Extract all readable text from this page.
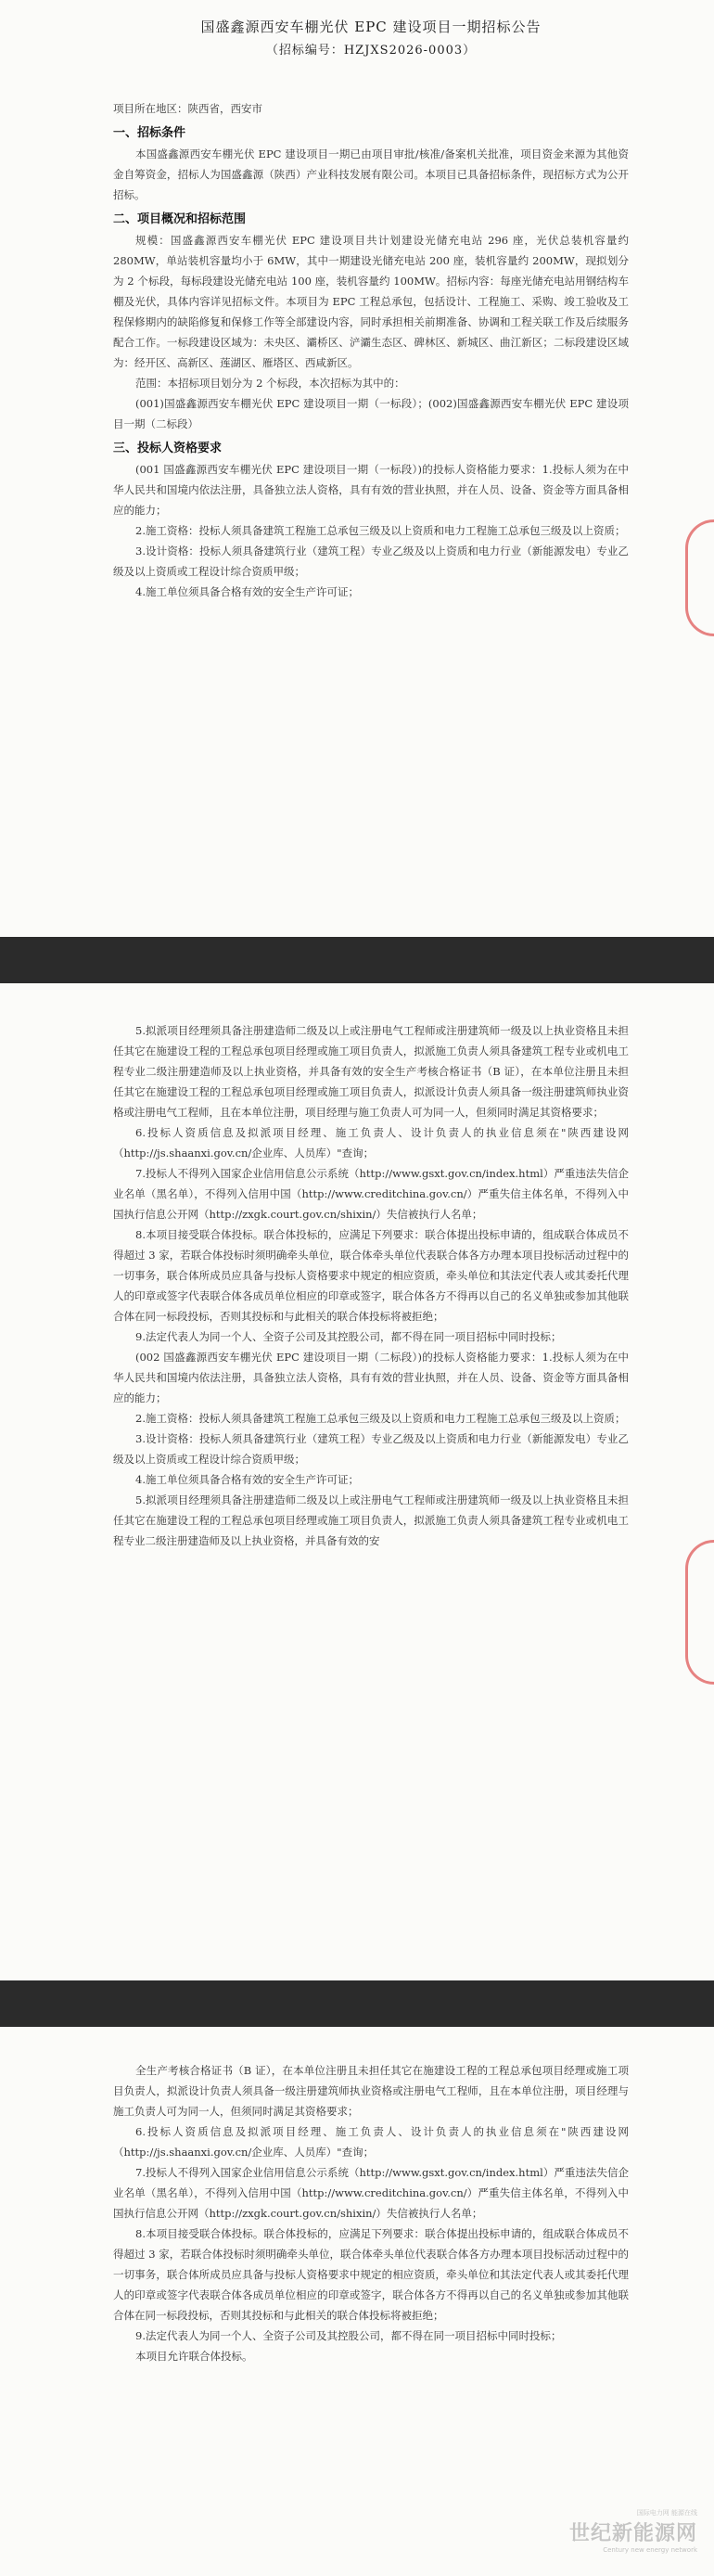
国盛鑫源西安车棚光伏 EPC 建设项目一期招标公告

（招标编号：HZJXS2026-0003）

项目所在地区：陕西省，西安市

一、招标条件

本国盛鑫源西安车棚光伏 EPC 建设项目一期已由项目审批/核准/备案机关批准，项目资金来源为其他资金自筹资金，招标人为国盛鑫源（陕西）产业科技发展有限公司。本项目已具备招标条件，现招标方式为公开招标。

二、项目概况和招标范围

规模：国盛鑫源西安车棚光伏 EPC 建设项目共计划建设光储充电站 296 座，光伏总装机容量约 280MW，单站装机容量均小于 6MW，其中一期建设光储充电站 200 座，装机容量约 200MW，现拟划分为 2 个标段，每标段建设光储充电站 100 座，装机容量约 100MW。招标内容：每座光储充电站用钢结构车棚及光伏，具体内容详见招标文件。本项目为 EPC 工程总承包，包括设计、工程施工、采购、竣工验收及工程保修期内的缺陷修复和保修工作等全部建设内容，同时承担相关前期准备、协调和工程关联工作及后续服务配合工作。一标段建设区域为：未央区、灞桥区、浐灞生态区、碑林区、新城区、曲江新区；二标段建设区域为：经开区、高新区、莲湖区、雁塔区、西咸新区。

范围：本招标项目划分为 2 个标段，本次招标为其中的：

(001)国盛鑫源西安车棚光伏 EPC 建设项目一期（一标段）；(002)国盛鑫源西安车棚光伏 EPC 建设项目一期（二标段）

三、投标人资格要求

(001 国盛鑫源西安车棚光伏 EPC 建设项目一期（一标段）)的投标人资格能力要求：1.投标人须为在中华人民共和国境内依法注册，具备独立法人资格，具有有效的营业执照，并在人员、设备、资金等方面具备相应的能力；

2.施工资格：投标人须具备建筑工程施工总承包三级及以上资质和电力工程施工总承包三级及以上资质；

3.设计资格：投标人须具备建筑行业（建筑工程）专业乙级及以上资质和电力行业（新能源发电）专业乙级及以上资质或工程设计综合资质甲级；

4.施工单位须具备合格有效的安全生产许可证；

5.拟派项目经理须具备注册建造师二级及以上或注册电气工程师或注册建筑师一级及以上执业资格且未担任其它在施建设工程的工程总承包项目经理或施工项目负责人，拟派施工负责人须具备建筑工程专业或机电工程专业二级注册建造师及以上执业资格，并具备有效的安全生产考核合格证书（B 证），在本单位注册且未担任其它在施建设工程的工程总承包项目经理或施工项目负责人，拟派设计负责人须具备一级注册建筑师执业资格或注册电气工程师，且在本单位注册，项目经理与施工负责人可为同一人，但须同时满足其资格要求；

6.投标人资质信息及拟派项目经理、施工负责人、设计负责人的执业信息须在"陕西建设网（http://js.shaanxi.gov.cn/企业库、人员库）"查询；

7.投标人不得列入国家企业信用信息公示系统（http://www.gsxt.gov.cn/index.html）严重违法失信企业名单（黑名单），不得列入信用中国（http://www.creditchina.gov.cn/）严重失信主体名单，不得列入中国执行信息公开网（http://zxgk.court.gov.cn/shixin/）失信被执行人名单；

8.本项目接受联合体投标。联合体投标的，应满足下列要求：联合体提出投标申请的，组成联合体成员不得超过 3 家，若联合体投标时须明确牵头单位，联合体牵头单位代表联合体各方办理本项目投标活动过程中的一切事务，联合体所成员应具备与投标人资格要求中规定的相应资质，牵头单位和其法定代表人或其委托代理人的印章或签字代表联合体各成员单位相应的印章或签字，联合体各方不得再以自己的名义单独或参加其他联合体在同一标段投标，否则其投标和与此相关的联合体投标将被拒绝；

9.法定代表人为同一个人、全资子公司及其控股公司，都不得在同一项目招标中同时投标；

(002 国盛鑫源西安车棚光伏 EPC 建设项目一期（二标段）)的投标人资格能力要求：1.投标人须为在中华人民共和国境内依法注册，具备独立法人资格，具有有效的营业执照，并在人员、设备、资金等方面具备相应的能力；

2.施工资格：投标人须具备建筑工程施工总承包三级及以上资质和电力工程施工总承包三级及以上资质；

3.设计资格：投标人须具备建筑行业（建筑工程）专业乙级及以上资质和电力行业（新能源发电）专业乙级及以上资质或工程设计综合资质甲级；

4.施工单位须具备合格有效的安全生产许可证；

5.拟派项目经理须具备注册建造师二级及以上或注册电气工程师或注册建筑师一级及以上执业资格且未担任其它在施建设工程的工程总承包项目经理或施工项目负责人，拟派施工负责人须具备建筑工程专业或机电工程专业二级注册建造师及以上执业资格，并具备有效的安

全生产考核合格证书（B 证），在本单位注册且未担任其它在施建设工程的工程总承包项目经理或施工项目负责人，拟派设计负责人须具备一级注册建筑师执业资格或注册电气工程师，且在本单位注册，项目经理与施工负责人可为同一人，但须同时满足其资格要求；

6.投标人资质信息及拟派项目经理、施工负责人、设计负责人的执业信息须在"陕西建设网（http://js.shaanxi.gov.cn/企业库、人员库）"查询；

7.投标人不得列入国家企业信用信息公示系统（http://www.gsxt.gov.cn/index.html）严重违法失信企业名单（黑名单），不得列入信用中国（http://www.creditchina.gov.cn/）严重失信主体名单，不得列入中国执行信息公开网（http://zxgk.court.gov.cn/shixin/）失信被执行人名单；

8.本项目接受联合体投标。联合体投标的，应满足下列要求：联合体提出投标申请的，组成联合体成员不得超过 3 家，若联合体投标时须明确牵头单位，联合体牵头单位代表联合体各方办理本项目投标活动过程中的一切事务，联合体所成员应具备与投标人资格要求中规定的相应资质，牵头单位和其法定代表人或其委托代理人的印章或签字代表联合体各成员单位相应的印章或签字，联合体各方不得再以自己的名义单独或参加其他联合体在同一标段投标，否则其投标和与此相关的联合体投标将被拒绝；

9.法定代表人为同一个人、全资子公司及其控股公司，都不得在同一项目招标中同时投标；

本项目允许联合体投标。

国际电力网 能源在线
世纪新能源网
Century new energy network
